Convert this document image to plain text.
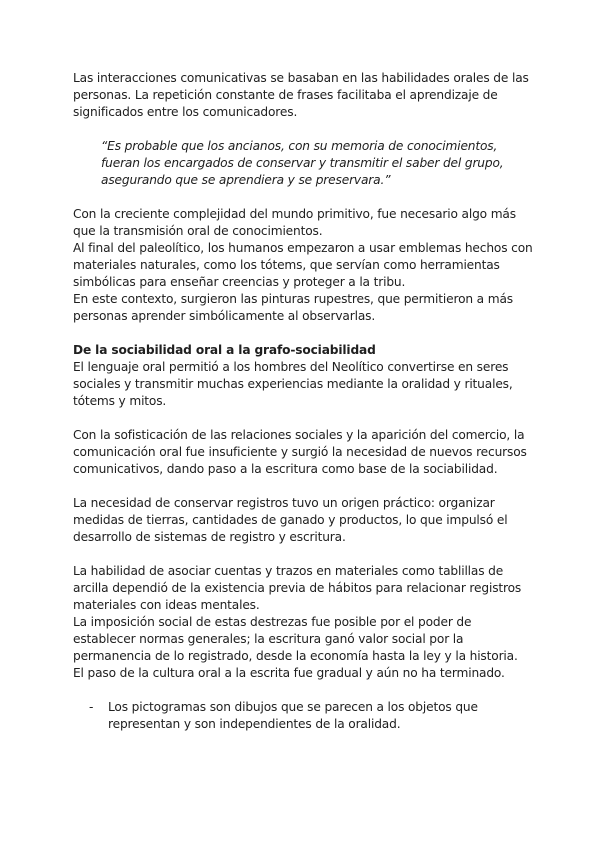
Las interacciones comunicativas se basaban en las habilidades orales de las personas. La repetición constante de frases facilitaba el aprendizaje de significados entre los comunicadores.

“Es probable que los ancianos, con su memoria de conocimientos, fueran los encargados de conservar y transmitir el saber del grupo, asegurando que se aprendiera y se preservara.”

Con la creciente complejidad del mundo primitivo, fue necesario algo más que la transmisión oral de conocimientos.

Al final del paleolítico, los humanos empezaron a usar emblemas hechos con materiales naturales, como los tótems, que servían como herramientas simbólicas para enseñar creencias y proteger a la tribu.

En este contexto, surgieron las pinturas rupestres, que permitieron a más personas aprender simbólicamente al observarlas.

De la sociabilidad oral a la grafo-sociabilidad

El lenguaje oral permitió a los hombres del Neolítico convertirse en seres sociales y transmitir muchas experiencias mediante la oralidad y rituales, tótems y mitos.

Con la sofisticación de las relaciones sociales y la aparición del comercio, la comunicación oral fue insuficiente y surgió la necesidad de nuevos recursos comunicativos, dando paso a la escritura como base de la sociabilidad.

La necesidad de conservar registros tuvo un origen práctico: organizar medidas de tierras, cantidades de ganado y productos, lo que impulsó el desarrollo de sistemas de registro y escritura.

La habilidad de asociar cuentas y trazos en materiales como tablillas de arcilla dependió de la existencia previa de hábitos para relacionar registros materiales con ideas mentales.

La imposición social de estas destrezas fue posible por el poder de establecer normas generales; la escritura ganó valor social por la permanencia de lo registrado, desde la economía hasta la ley y la historia.

El paso de la cultura oral a la escrita fue gradual y aún no ha terminado.

- Los pictogramas son dibujos que se parecen a los objetos que representan y son independientes de la oralidad.
